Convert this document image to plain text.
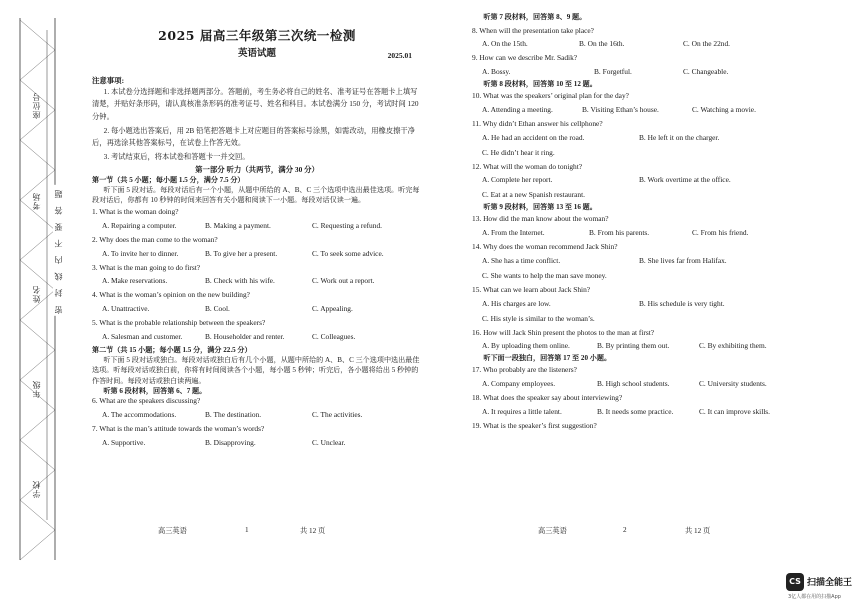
座位号
考场
姓名
年级
学校
密 封 线 内 不 要 答 题
2025 届高三年级第三次统一检测
英语试题	2025.01
注意事项:

1. 本试卷分选择题和非选择题两部分。答题前，考生务必将自己的姓名、准考证号在答题卡上填写清楚，并贴好条形码，请认真核准条形码的准考证号、姓名和科目。本试卷满分 150 分，考试时间 120 分钟。

2. 每小题选出答案后，用 2B 铅笔把答题卡上对应题目的答案标号涂黑，如需改动，用橡皮擦干净后，再选涂其他答案标号，在试卷上作答无效。

3. 考试结束后，将本试卷和答题卡一并交回。

第一部分 听力（共两节，满分 30 分）
第一节（共 5 小题；每小题 1.5 分，满分 7.5 分）

听下面 5 段对话。每段对话后有一个小题，从题中所给的 A、B、C 三个选项中选出最佳选项。听完每段对话后，你都有 10 秒钟的时间来回答有关小题和阅读下一小题。每段对话仅读一遍。

1. What is the woman doing?

A. Repairing a computer.	B. Making a payment.	C. Requesting a refund.

2. Why does the man come to the woman?

A. To invite her to dinner.	B. To give her a present.	C. To seek some advice.

3. What is the man going to do first?

A. Make reservations.	B. Check with his wife.	C. Work out a report.

4. What is the woman’s opinion on the new building?

A. Unattractive.	B. Cool.	C. Appealing.

5. What is the probable relationship between the speakers?

A. Salesman and customer.	B. Householder and renter.	C. Colleagues.
第二节（共 15 小题；每小题 1.5 分，满分 22.5 分）

听下面 5 段对话或独白。每段对话或独白后有几个小题，从题中所给的 A、B、C 三个选项中选出最佳选项。听每段对话或独白前，你将有时间阅读各个小题，每小题 5 秒钟；听完后，各小题将给出 5 秒钟的作答时间。每段对话或独白读两遍。

听第 6 段材料，回答第 6、7 题。

6. What are the speakers discussing?

A. The accommodations.	B. The destination.	C. The activities.

7. What is the man’s attitude towards the woman’s words?

A. Supportive.	B. Disapproving.	C. Unclear.

听第 7 段材料，回答第 8、9 题。

8. When will the presentation take place?

A. On the 15th.	B. On the 16th.	C. On the 22nd.

9. How can we describe Mr. Sadik?

A. Bossy.	B. Forgetful.	C. Changeable.

听第 8 段材料，回答第 10 至 12 题。

10. What was the speakers’ original plan for the day?

A. Attending a meeting.	B. Visiting Ethan’s house.	C. Watching a movie.

11. Why didn’t Ethan answer his cellphone?

A. He had an accident on the road.	B. He left it on the charger.
C. He didn’t hear it ring.

12. What will the woman do tonight?

A. Complete her report.	B. Work overtime at the office.
C. Eat at a new Spanish restaurant.

听第 9 段材料，回答第 13 至 16 题。

13. How did the man know about the woman?

A. From the Internet.	B. From his parents.	C. From his friend.

14. Why does the woman recommend Jack Shin?

A. She has a time conflict.	B. She lives far from Halifax.
C. She wants to help the man save money.

15. What can we learn about Jack Shin?

A. His charges are low.	B. His schedule is very tight.
C. His style is similar to the woman’s.

16. How will Jack Shin present the photos to the man at first?

A. By uploading them online.	B. By printing them out.	C. By exhibiting them.

听下面一段独白，回答第 17 至 20 小题。

17. Who probably are the listeners?

A. Company employees.	B. High school students.	C. University students.

18. What does the speaker say about interviewing?

A. It requires a little talent.	B. It needs some practice.	C. It can improve skills.

19. What is the speaker’s first suggestion?

高三英语	1	共 12 页	高三英语	2	共 12 页
CS 扫描全能王
3亿人都在用的扫描App
